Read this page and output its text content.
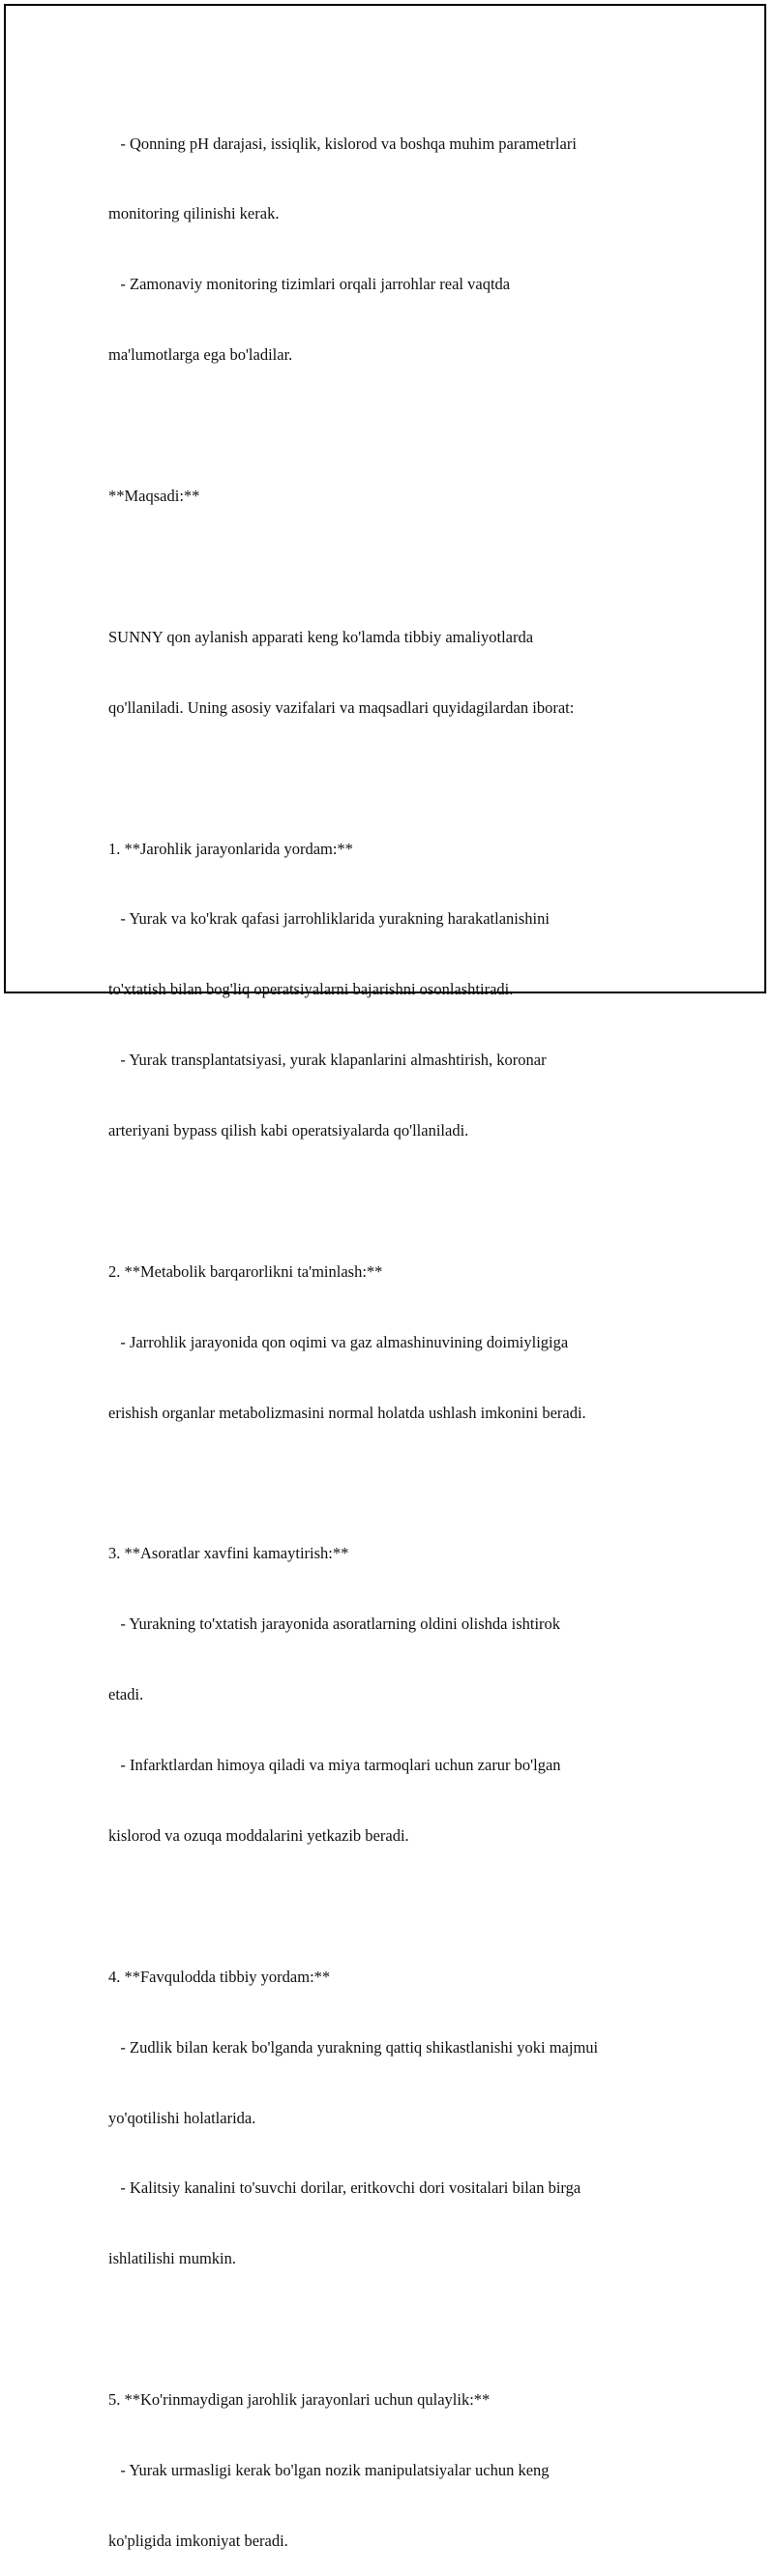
- Qonning pH darajasi, issiqlik, kislorod va boshqa muhim parametrlari

monitoring qilinishi kerak.

- Zamonaviy monitoring tizimlari orqali jarrohlar real vaqtda

ma'lumotlarga ega bo'ladilar.

**Maqsadi:**

SUNNY qon aylanish apparati keng ko'lamda tibbiy amaliyotlarda

qo'llaniladi. Uning asosiy vazifalari va maqsadlari quyidagilardan iborat:

1. **Jarohlik jarayonlarida yordam:**

- Yurak va ko'krak qafasi jarrohliklarida yurakning harakatlanishini

to'xtatish bilan bog'liq operatsiyalarni bajarishni osonlashtiradi.

- Yurak transplantatsiyasi, yurak klapanlarini almashtirish, koronar

arteriyani bypass qilish kabi operatsiyalarda qo'llaniladi.

2. **Metabolik barqarorlikni ta'minlash:**

- Jarrohlik jarayonida qon oqimi va gaz almashinuvining doimiyligiga

erishish organlar metabolizmasini normal holatda ushlash imkonini beradi.

3. **Asoratlar xavfini kamaytirish:**

- Yurakning to'xtatish jarayonida asoratlarning oldini olishda ishtirok

etadi.

- Infarktlardan himoya qiladi va miya tarmoqlari uchun zarur bo'lgan

kislorod va ozuqa moddalarini yetkazib beradi.

4. **Favqulodda tibbiy yordam:**

- Zudlik bilan kerak bo'lganda yurakning qattiq shikastlanishi yoki majmui

yo'qotilishi holatlarida.

- Kalitsiy kanalini to'suvchi dorilar, eritkovchi dori vositalari bilan birga

ishlatilishi mumkin.

5. **Ko'rinmaydigan jarohlik jarayonlari uchun qulaylik:**

- Yurak urmasligi kerak bo'lgan nozik manipulatsiyalar uchun keng

ko'pligida imkoniyat beradi.
